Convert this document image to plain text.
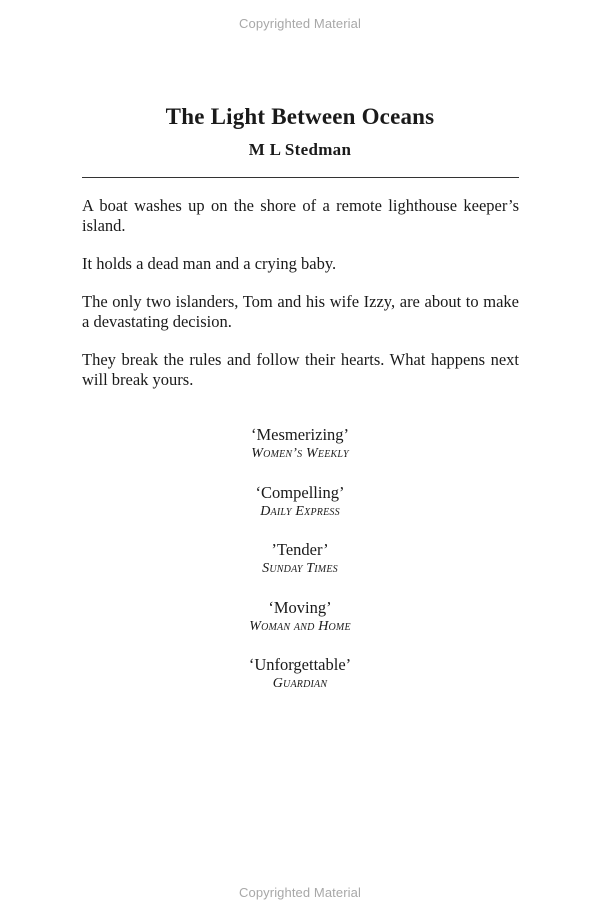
Copyrighted Material
The Light Between Oceans
M L Stedman

A boat washes up on the shore of a remote lighthouse keeper’s island.

It holds a dead man and a crying baby.

The only two islanders, Tom and his wife Izzy, are about to make a devastating decision.

They break the rules and follow their hearts. What happens next will break yours.

‘Mesmerizing’
Women’s Weekly
‘Compelling’
Daily Express
’Tender’
Sunday Times
‘Moving’
Woman and Home
‘Unforgettable’
Guardian
Copyrighted Material
